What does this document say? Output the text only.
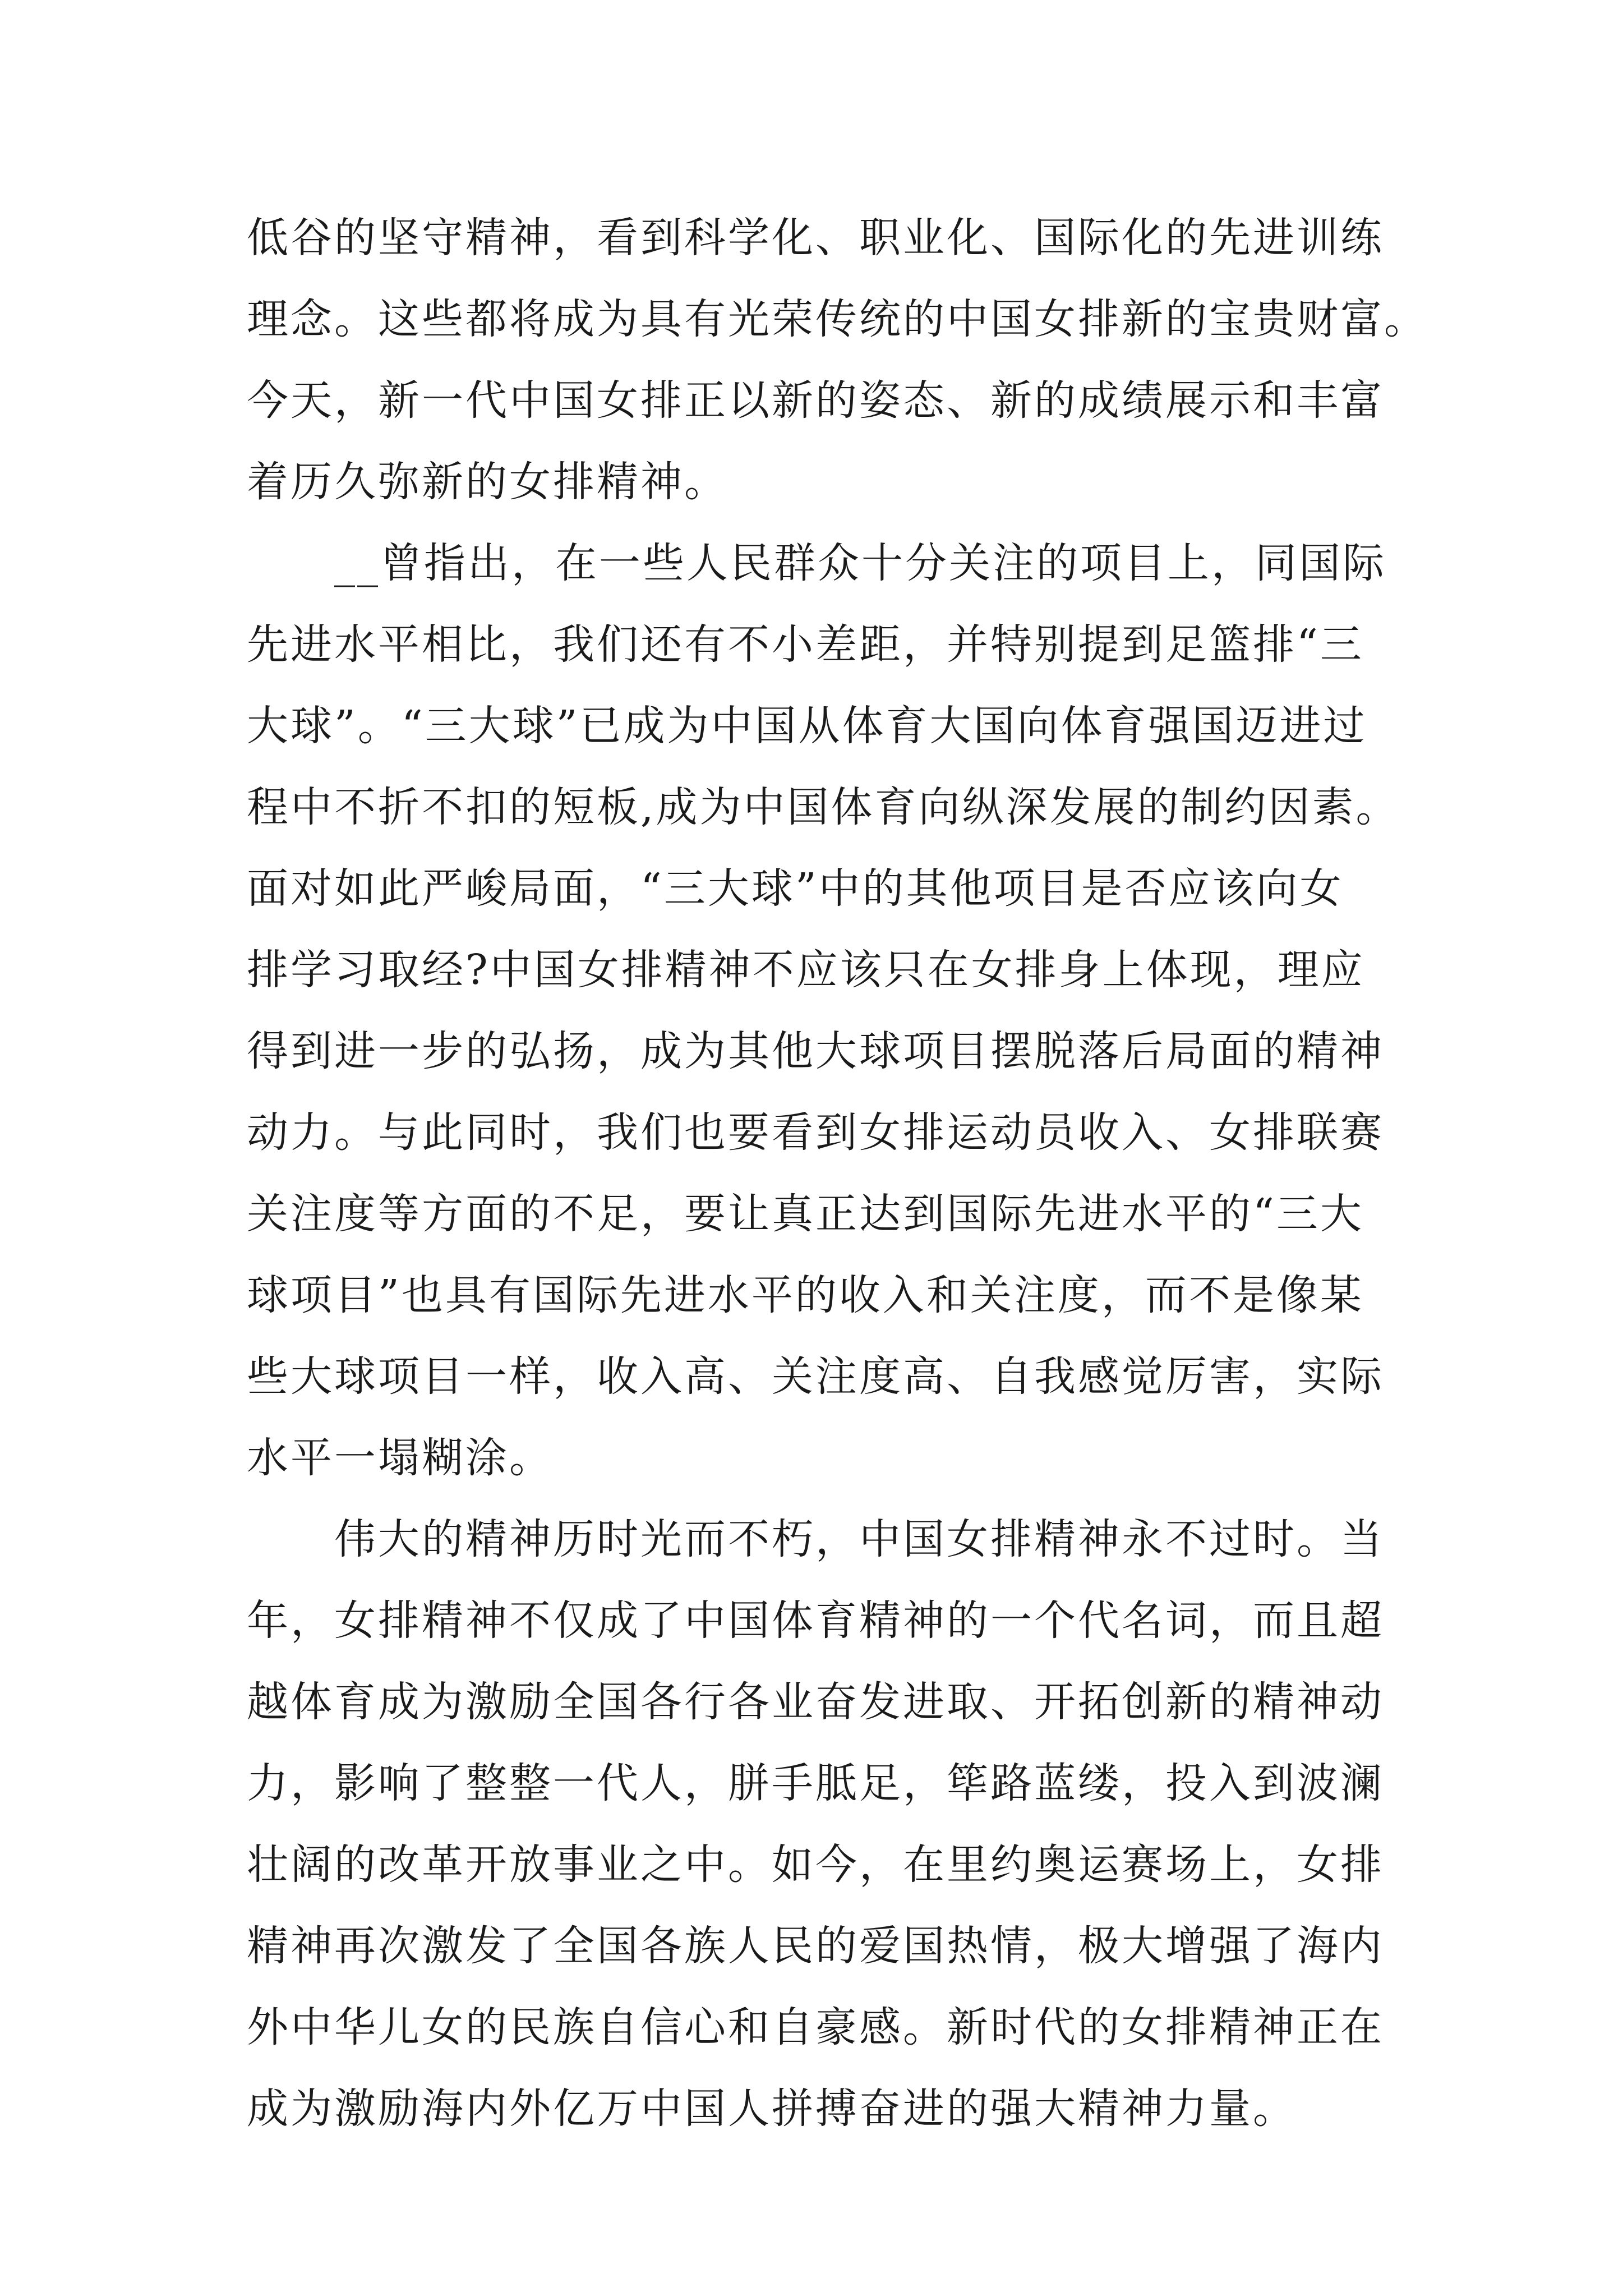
低谷的坚守精神，看到科学化、职业化、国际化的先进训练
理念。这些都将成为具有光荣传统的中国女排新的宝贵财富。
今天，新一代中国女排正以新的姿态、新的成绩展示和丰富
着历久弥新的女排精神。
　　__曾指出，在一些人民群众十分关注的项目上，同国际
先进水平相比，我们还有不小差距，并特别提到足篮排“三
大球”。“三大球”已成为中国从体育大国向体育强国迈进过
程中不折不扣的短板,成为中国体育向纵深发展的制约因素。
面对如此严峻局面，“三大球”中的其他项目是否应该向女
排学习取经?中国女排精神不应该只在女排身上体现，理应
得到进一步的弘扬，成为其他大球项目摆脱落后局面的精神
动力。与此同时，我们也要看到女排运动员收入、女排联赛
关注度等方面的不足，要让真正达到国际先进水平的“三大
球项目”也具有国际先进水平的收入和关注度，而不是像某
些大球项目一样，收入高、关注度高、自我感觉厉害，实际
水平一塌糊涂。
　　伟大的精神历时光而不朽，中国女排精神永不过时。当
年，女排精神不仅成了中国体育精神的一个代名词，而且超
越体育成为激励全国各行各业奋发进取、开拓创新的精神动
力，影响了整整一代人，胼手胝足，筚路蓝缕，投入到波澜
壮阔的改革开放事业之中。如今，在里约奥运赛场上，女排
精神再次激发了全国各族人民的爱国热情，极大增强了海内
外中华儿女的民族自信心和自豪感。新时代的女排精神正在
成为激励海内外亿万中国人拼搏奋进的强大精神力量。
